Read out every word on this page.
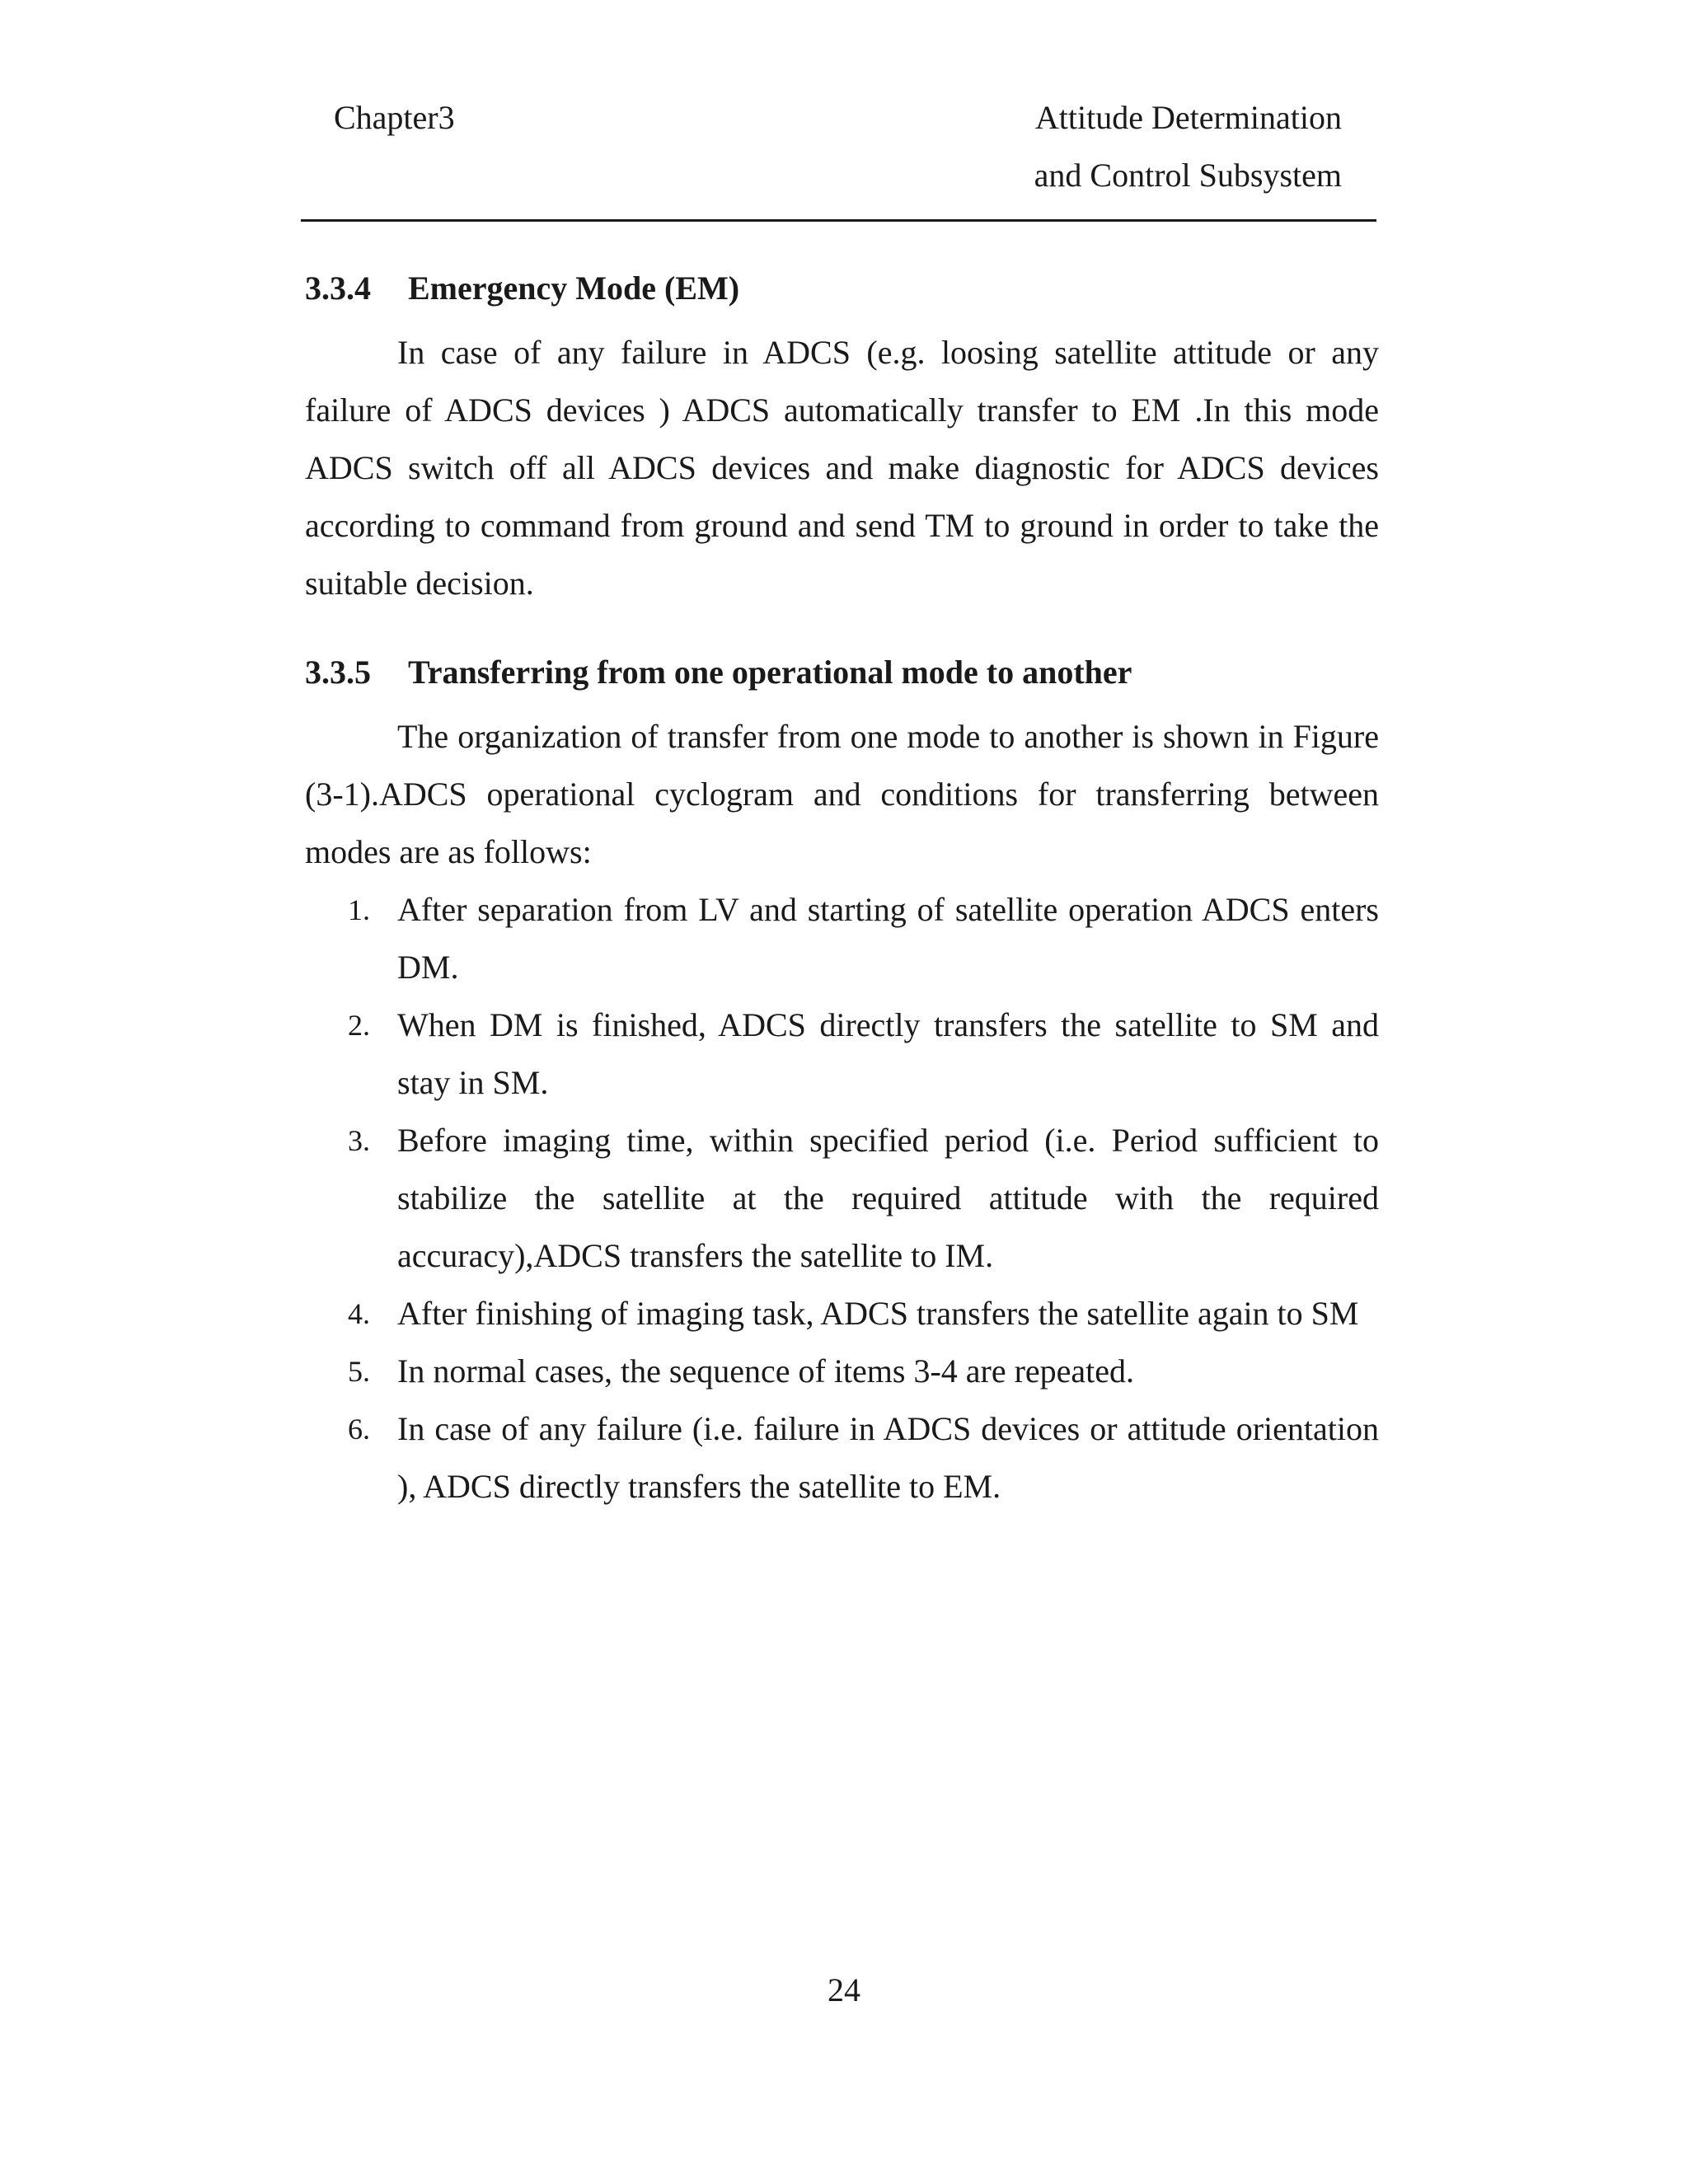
Chapter3	Attitude Determination
and Control Subsystem
3.3.4	Emergency Mode (EM)

In case of any failure in ADCS (e.g. loosing satellite attitude or any failure of ADCS devices ) ADCS automatically transfer to EM .In this mode ADCS switch off all ADCS devices and make diagnostic for ADCS devices according to command from ground and send TM to ground in order to take the suitable decision.

3.3.5	Transferring from one operational mode to another

The organization of transfer from one mode to another is shown in Figure (3-1).ADCS operational cyclogram and conditions for transferring between modes are as follows:

1. After separation from LV and starting of satellite operation ADCS enters DM.
2. When DM is finished, ADCS directly transfers the satellite to SM and stay in SM.
3. Before imaging time, within specified period (i.e. Period sufficient to stabilize the satellite at the required attitude with the required accuracy),ADCS transfers the satellite to IM.
4. After finishing of imaging task, ADCS transfers the satellite again to SM
5. In normal cases, the sequence of items 3-4 are repeated.
6. In case of any failure (i.e. failure in ADCS devices or attitude orientation ), ADCS directly transfers the satellite to EM.
24
